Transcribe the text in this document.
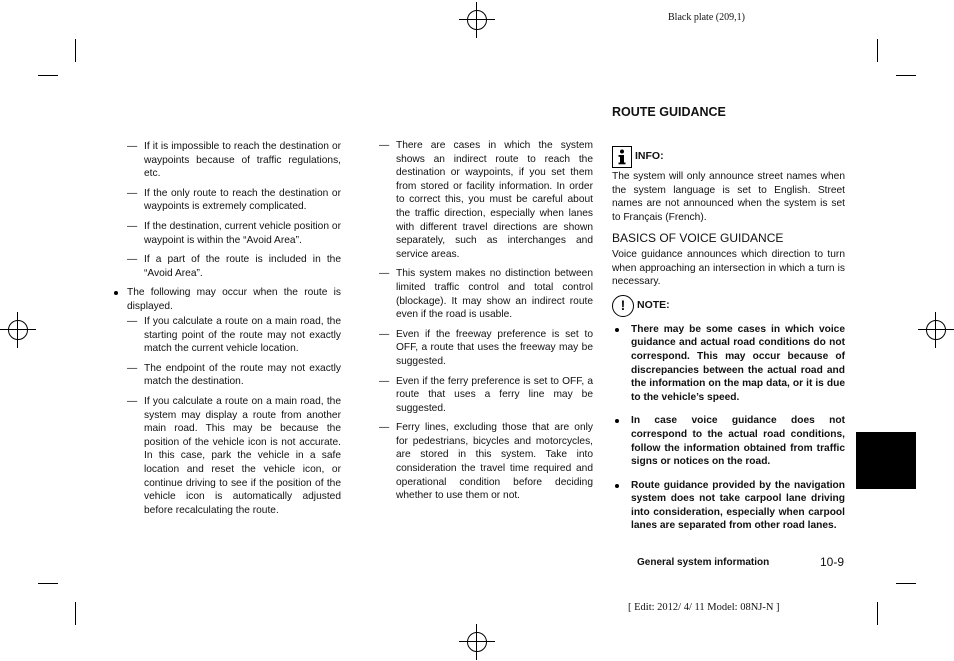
Black plate (209,1)
— If it is impossible to reach the destination or waypoints because of traffic regulations, etc.
— If the only route to reach the destination or waypoints is extremely complicated.
— If the destination, current vehicle position or waypoint is within the “Avoid Area”.
— If a part of the route is included in the “Avoid Area”.
The following may occur when the route is displayed.
— If you calculate a route on a main road, the starting point of the route may not exactly match the current vehicle location.
— The endpoint of the route may not exactly match the destination.
— If you calculate a route on a main road, the system may display a route from another main road. This may be because the position of the vehicle icon is not accurate. In this case, park the vehicle in a safe location and reset the vehicle icon, or continue driving to see if the position of the vehicle icon is automatically adjusted before recalculating the route.
— There are cases in which the system shows an indirect route to reach the destination or waypoints, if you set them from stored or facility information. In order to correct this, you must be careful about the traffic direction, especially when lanes with different travel directions are shown separately, such as interchanges and service areas.
— This system makes no distinction between limited traffic control and total control (blockage). It may show an indirect route even if the road is usable.
— Even if the freeway preference is set to OFF, a route that uses the freeway may be suggested.
— Even if the ferry preference is set to OFF, a route that uses a ferry line may be suggested.
— Ferry lines, excluding those that are only for pedestrians, bicycles and motorcycles, are stored in this system. Take into consideration the travel time required and operational condition before deciding whether to use them or not.
ROUTE GUIDANCE
INFO:
The system will only announce street names when the system language is set to English. Street names are not announced when the system is set to Français (French).
BASICS OF VOICE GUIDANCE
Voice guidance announces which direction to turn when approaching an intersection in which a turn is necessary.
!	NOTE:
There may be some cases in which voice guidance and actual road conditions do not correspond. This may occur because of discrepancies between the actual road and the information on the map data, or it is due to the vehicle’s speed.
In case voice guidance does not correspond to the actual road conditions, follow the information obtained from traffic signs or notices on the road.
Route guidance provided by the navigation system does not take carpool lane driving into consideration, especially when carpool lanes are separated from other road lanes.
General system information	10-9
[ Edit: 2012/ 4/ 11 Model: 08NJ-N ]
